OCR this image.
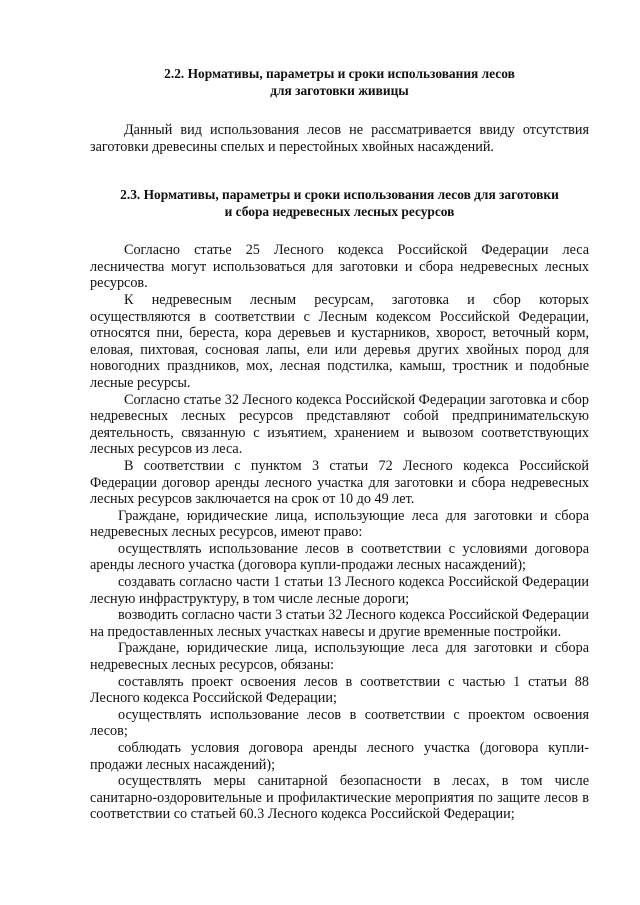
2.2. Нормативы, параметры и сроки использования лесов
для заготовки живицы

Данный вид использования лесов не рассматривается ввиду отсутствия заготовки древесины спелых и перестойных хвойных насаждений.

2.3. Нормативы, параметры и сроки использования лесов для заготовки
и сбора недревесных лесных ресурсов

Согласно статье 25 Лесного кодекса Российской Федерации леса лесничества могут использоваться для заготовки и сбора недревесных лесных ресурсов.

К недревесным лесным ресурсам, заготовка и сбор которых осуществляются в соответствии с Лесным кодексом Российской Федерации, относятся пни, береста, кора деревьев и кустарников, хворост, веточный корм, еловая, пихтовая, сосновая лапы, ели или деревья других хвойных пород для новогодних праздников, мох, лесная подстилка, камыш, тростник и подобные лесные ресурсы.

Согласно статье 32 Лесного кодекса Российской Федерации заготовка и сбор недревесных лесных ресурсов представляют собой предпринимательскую деятельность, связанную с изъятием, хранением и вывозом соответствующих лесных ресурсов из леса.

В соответствии с пунктом 3 статьи 72 Лесного кодекса Российской Федерации договор аренды лесного участка для заготовки и сбора недревесных лесных ресурсов заключается на срок от 10 до 49 лет.

Граждане, юридические лица, использующие леса для заготовки и сбора недревесных лесных ресурсов, имеют право:

осуществлять использование лесов в соответствии с условиями договора аренды лесного участка (договора купли-продажи лесных насаждений);

создавать согласно части 1 статьи 13 Лесного кодекса Российской Федерации лесную инфраструктуру, в том числе лесные дороги;

возводить согласно части 3 статьи 32 Лесного кодекса Российской Федерации на предоставленных лесных участках навесы и другие временные постройки.

Граждане, юридические лица, использующие леса для заготовки и сбора недревесных лесных ресурсов, обязаны:

составлять проект освоения лесов в соответствии с частью 1 статьи 88 Лесного кодекса Российской Федерации;

осуществлять использование лесов в соответствии с проектом освоения лесов;

соблюдать условия договора аренды лесного участка (договора купли-продажи лесных насаждений);

осуществлять меры санитарной безопасности в лесах, в том числе санитарно-оздоровительные и профилактические мероприятия по защите лесов в соответствии со статьей 60.3 Лесного кодекса Российской Федерации;
